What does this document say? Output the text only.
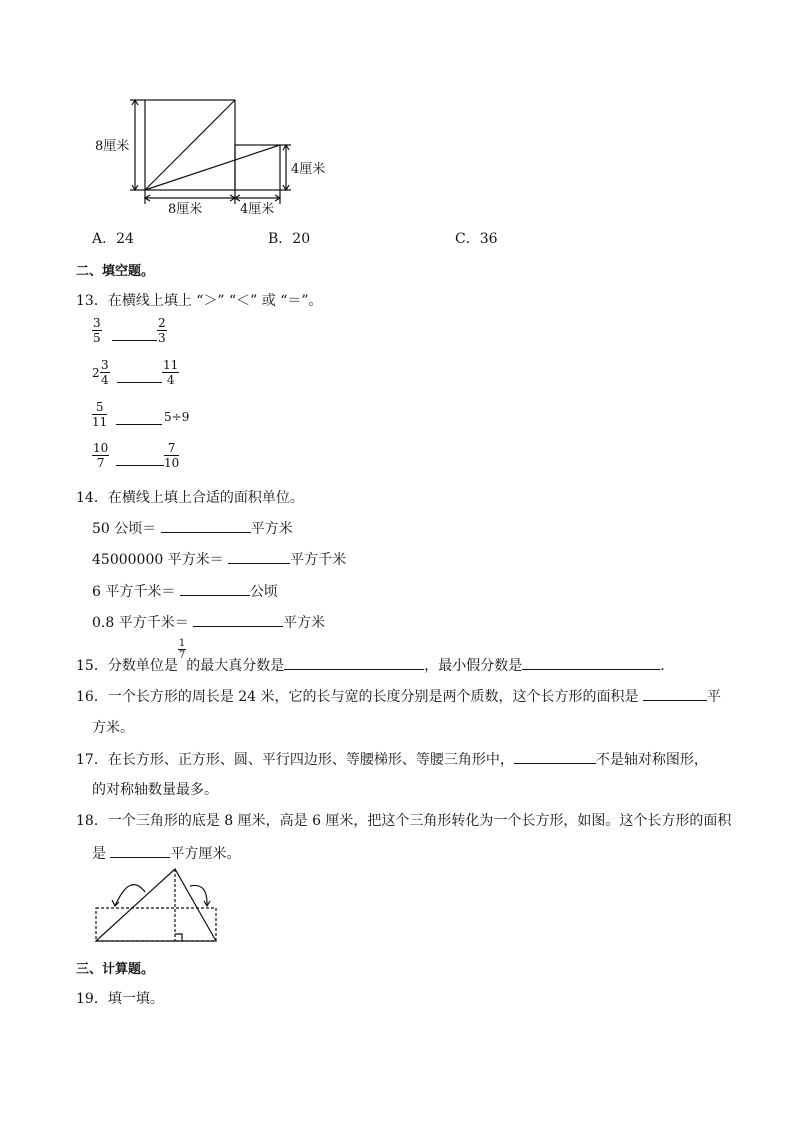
8厘米
4厘米
8厘米	4厘米
A．24	B．20	C．36
二、填空题。
13．在横线上填上 “＞” “＜” 或 “＝”。
$\frac{3}{5}$	$\frac{2}{3}$
$2 \frac{3}{4}$	$\frac{11}{4}$
$\frac{5}{11}$	5÷9
$\frac{10}{7}$	$\frac{7}{10}$
14．在横线上填上合适的面积单位。
50 公顷＝	平方米
45000000 平方米＝	平方千米
6 平方千米＝	公顷
0.8 平方千米＝	平方米
15．分数单位是
$\frac{1}{7}$
的最大真分数是	，最小假分数是	．
16．一个长方形的周长是 24 米，它的长与宽的长度分别是两个质数，这个长方形的面积是	平
方米。
17．在长方形、正方形、圆、平行四边形、等腰梯形、等腰三角形中，	不是轴对称图形，
的对称轴数量最多。
18．一个三角形的底是 8 厘米，高是 6 厘米，把这个三角形转化为一个长方形，如图。这个长方形的面积
是	平方厘米。
三、计算题。
19．填一填。
